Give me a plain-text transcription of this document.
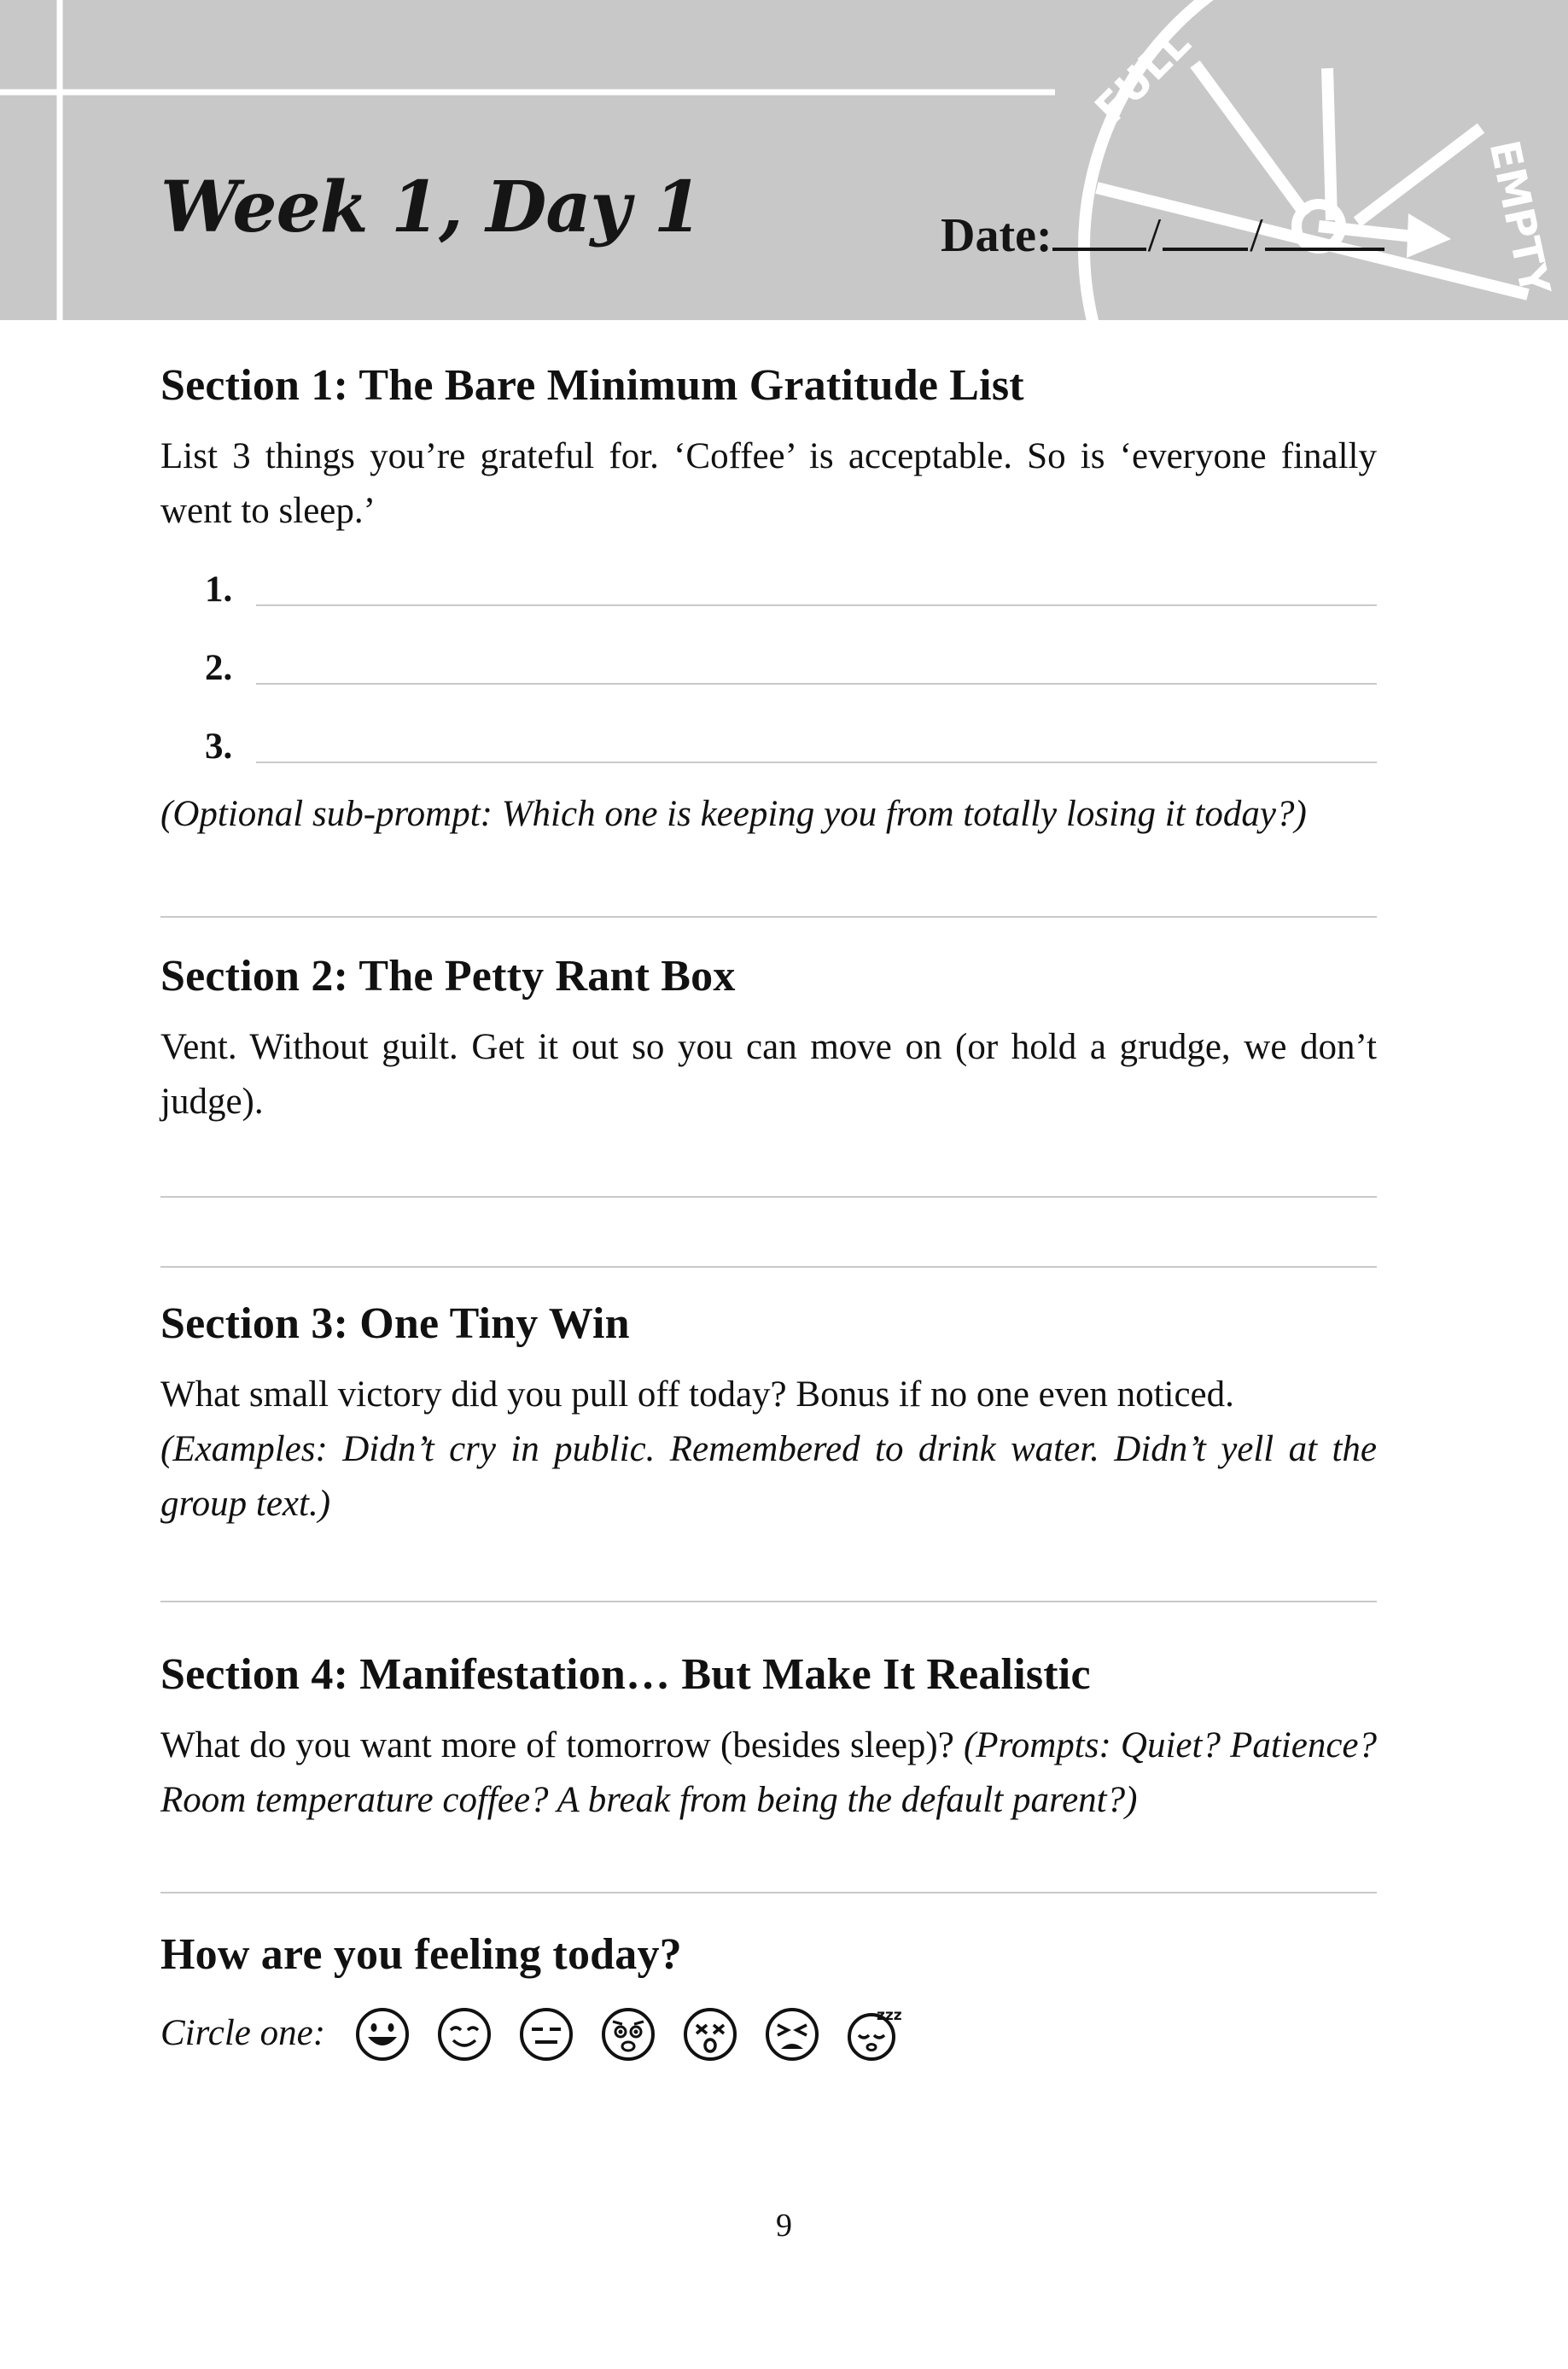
FULL
EMPTY
Week 1, Day 1	Date: / /
Section 1: The Bare Minimum Gratitude List

List 3 things you’re grateful for. ‘Coffee’ is acceptable. So is ‘everyone finally went to sleep.’

1.
2.
3.

(Optional sub-prompt: Which one is keeping you from totally losing it today?)

Section 2: The Petty Rant Box

Vent. Without guilt. Get it out so you can move on (or hold a grudge, we don’t judge).

Section 3: One Tiny Win

What small victory did you pull off today? Bonus if no one even noticed.
(Examples: Didn’t cry in public. Remembered to drink water. Didn’t yell at the group text.)

Section 4: Manifestation… But Make It Realistic

What do you want more of tomorrow (besides sleep)? (Prompts: Quiet? Patience? Room temperature coffee? A break from being the default parent?)

How are you feeling today?
Circle one:	zzz
9
